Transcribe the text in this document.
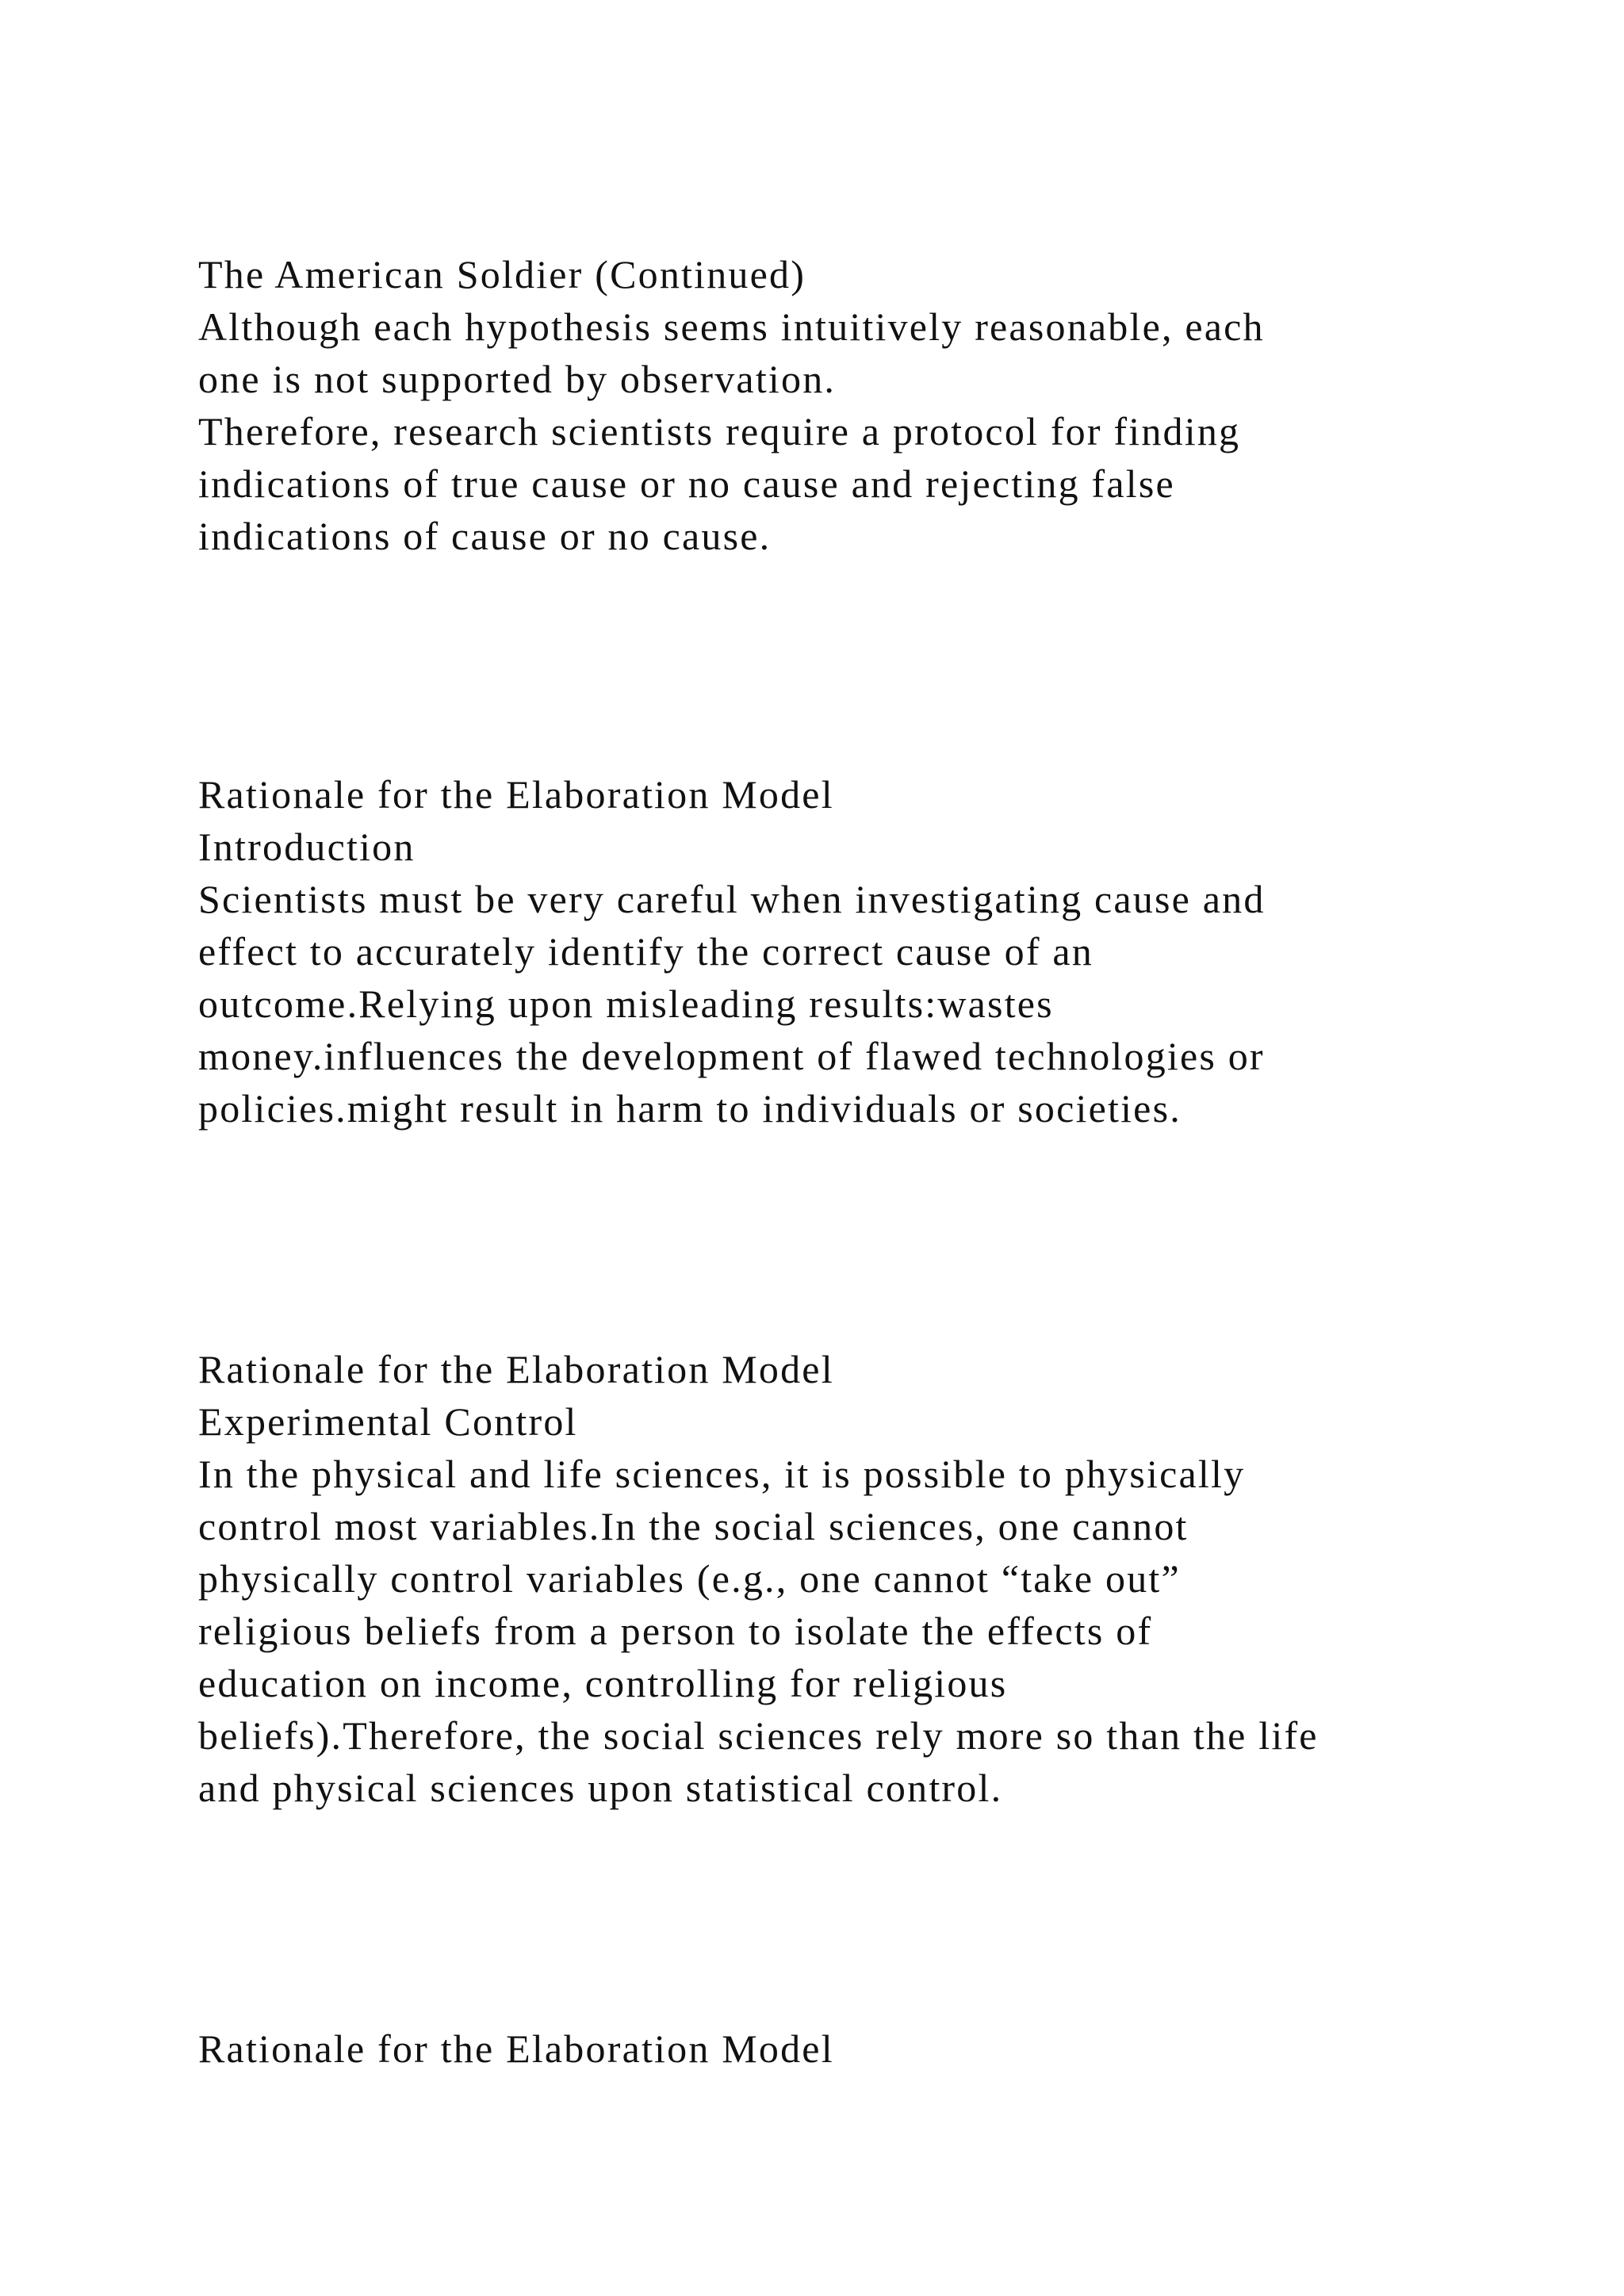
The American Soldier (Continued)
Although each hypothesis seems intuitively reasonable, each
one is not supported by observation.
Therefore, research scientists require a protocol for finding
indications of true cause or no cause and rejecting false
indications of cause or no cause.
Rationale for the Elaboration Model
Introduction
Scientists must be very careful when investigating cause and
effect to accurately identify the correct cause of an
outcome.Relying upon misleading results:wastes
money.influences the development of flawed technologies or
policies.might result in harm to individuals or societies.
Rationale for the Elaboration Model
Experimental Control
In the physical and life sciences, it is possible to physically
control most variables.In the social sciences, one cannot
physically control variables (e.g., one cannot “take out”
religious beliefs from a person to isolate the effects of
education on income, controlling for religious
beliefs).Therefore, the social sciences rely more so than the life
and physical sciences upon statistical control.
Rationale for the Elaboration Model
